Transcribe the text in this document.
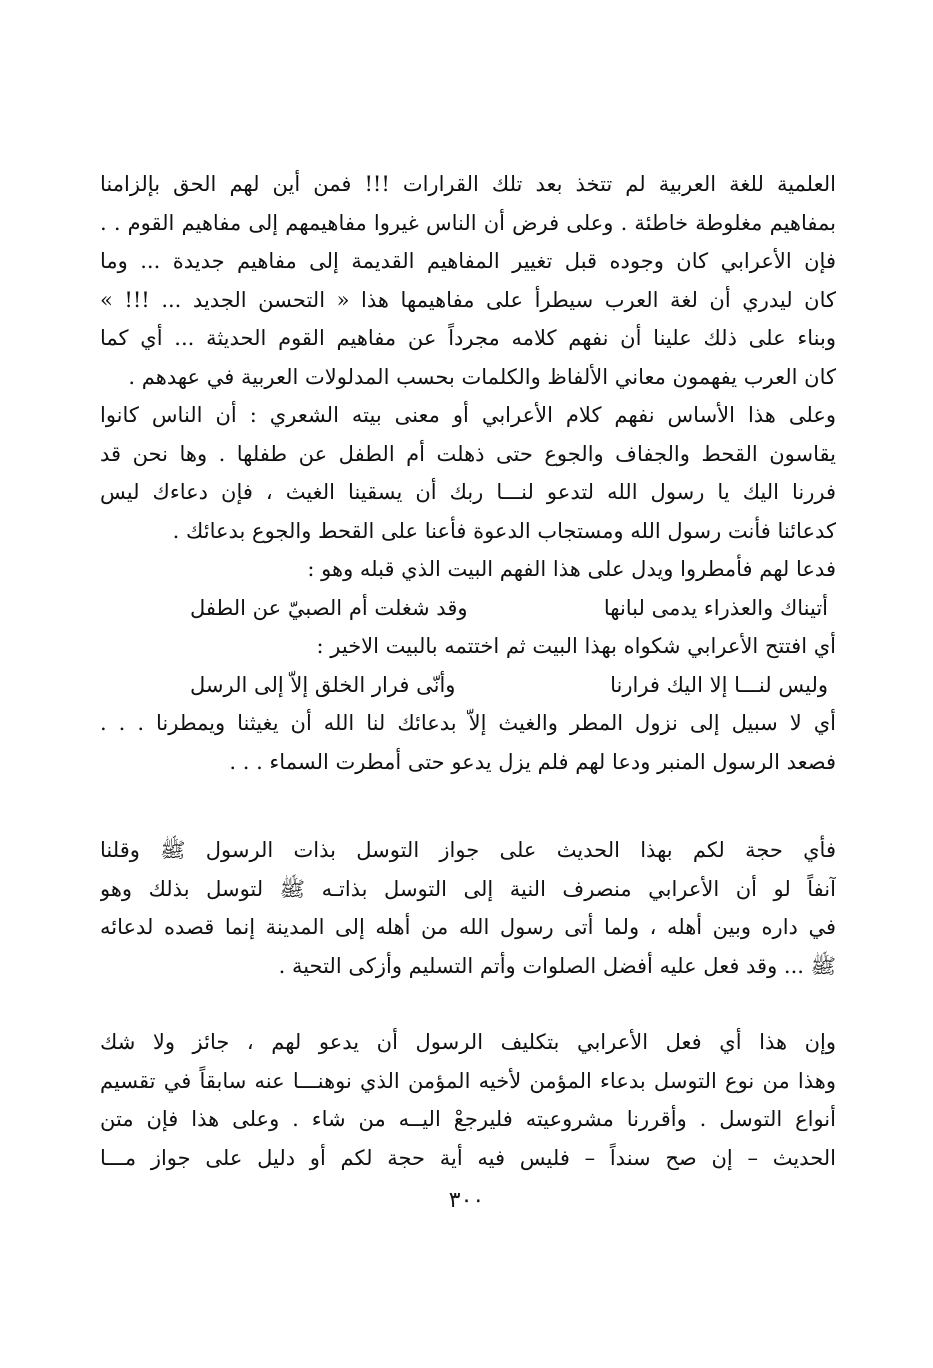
العلمية للغة العربية لم تتخذ بعد تلك القرارات !!! فمن أين لهم الحق بإلزامنا
بمفاهيم مغلوطة خاطئة . وعلى فرض أن الناس غيروا مفاهيمهم إلى مفاهيم القوم . .
فإن الأعرابي كان وجوده قبل تغيير المفاهيم القديمة إلى مفاهيم جديدة ... وما
كان ليدري أن لغة العرب سيطرأ على مفاهيمها هذا « التحسن الجديد ... !!! »
وبناء على ذلك علينا أن نفهم كلامه مجرداً عن مفاهيم القوم الحديثة ... أي كما
كان العرب يفهمون معاني الألفاظ والكلمات بحسب المدلولات العربية في عهدهم .
وعلى هذا الأساس نفهم كلام الأعرابي أو معنى بيته الشعري : أن الناس كانوا
يقاسون القحط والجفاف والجوع حتى ذهلت أم الطفل عن طفلها . وها نحن قد
فررنا اليك يا رسول الله لتدعو لنـــا ربك أن يسقينا الغيث ، فإن دعاءك ليس
كدعائنا فأنت رسول الله ومستجاب الدعوة فأعنا على القحط والجوع بدعائك .
فدعا لهم فأمطروا ويدل على هذا الفهم البيت الذي قبله وهو :
أتيناك والعذراء يدمى لبانها
وقد شغلت أم الصبيّ عن الطفل
أي افتتح الأعرابي شكواه بهذا البيت ثم اختتمه بالبيت الاخير :
وليس لنـــا إلا اليك فرارنا
وأنّى فرار الخلق إلاّ إلى الرسل
أي لا سبيل إلى نزول المطر والغيث إلاّ بدعائك لنا الله أن يغيثنا ويمطرنا . . .
فصعد الرسول المنبر ودعا لهم فلم يزل يدعو حتى أمطرت السماء . . .
فأي حجة لكم بهذا الحديث على جواز التوسل بذات الرسول ﷺ وقلنا
آنفاً لو أن الأعرابي منصرف النية إلى التوسل بذاتـه ﷺ لتوسل بذلك وهو
في داره وبين أهله ، ولما أتى رسول الله من أهله إلى المدينة إنما قصده لدعائه
ﷺ ... وقد فعل عليه أفضل الصلوات وأتم التسليم وأزكى التحية .
وإن هذا أي فعل الأعرابي بتكليف الرسول أن يدعو لهم ، جائز ولا شك
وهذا من نوع التوسل بدعاء المؤمن لأخيه المؤمن الذي نوهنـــا عنه سابقاً في تقسيم
أنواع التوسل . وأقررنا مشروعيته فليرجعْ اليــه من شاء . وعلى هذا فإن متن
الحديث – إن صح سنداً – فليس فيه أية حجة لكم أو دليل على جواز مـــا
٣٠٠
